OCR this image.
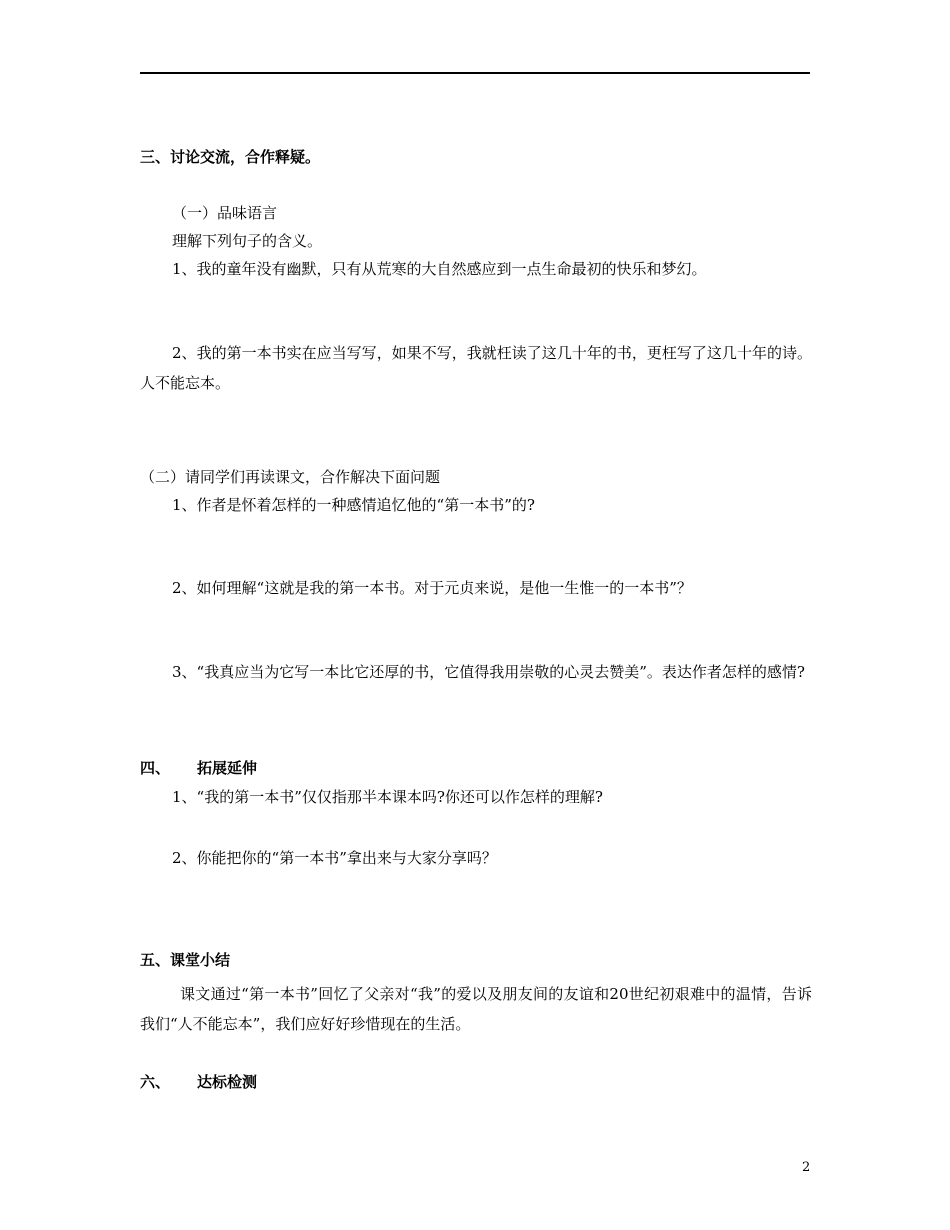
三、讨论交流，合作释疑。
（一）品味语言
理解下列句子的含义。
1、我的童年没有幽默，只有从荒寒的大自然感应到一点生命最初的快乐和梦幻。
2、我的第一本书实在应当写写，如果不写，我就枉读了这几十年的书，更枉写了这几十年的诗。人不能忘本。
（二）请同学们再读课文，合作解决下面问题
1、作者是怀着怎样的一种感情追忆他的“第一本书”的?
2、如何理解“这就是我的第一本书。对于元贞来说，是他一生惟一的一本书”？
3、“我真应当为它写一本比它还厚的书，它值得我用崇敬的心灵去赞美”。表达作者怎样的感情?
四、 拓展延伸
1、“我的第一本书”仅仅指那半本课本吗?你还可以作怎样的理解?
2、你能把你的“第一本书”拿出来与大家分享吗？
五、课堂小结
课文通过“第一本书”回忆了父亲对“我”的爱以及朋友间的友谊和20世纪初艰难中的温情，告诉我们“人不能忘本”，我们应好好珍惜现在的生活。
六、 达标检测
2
